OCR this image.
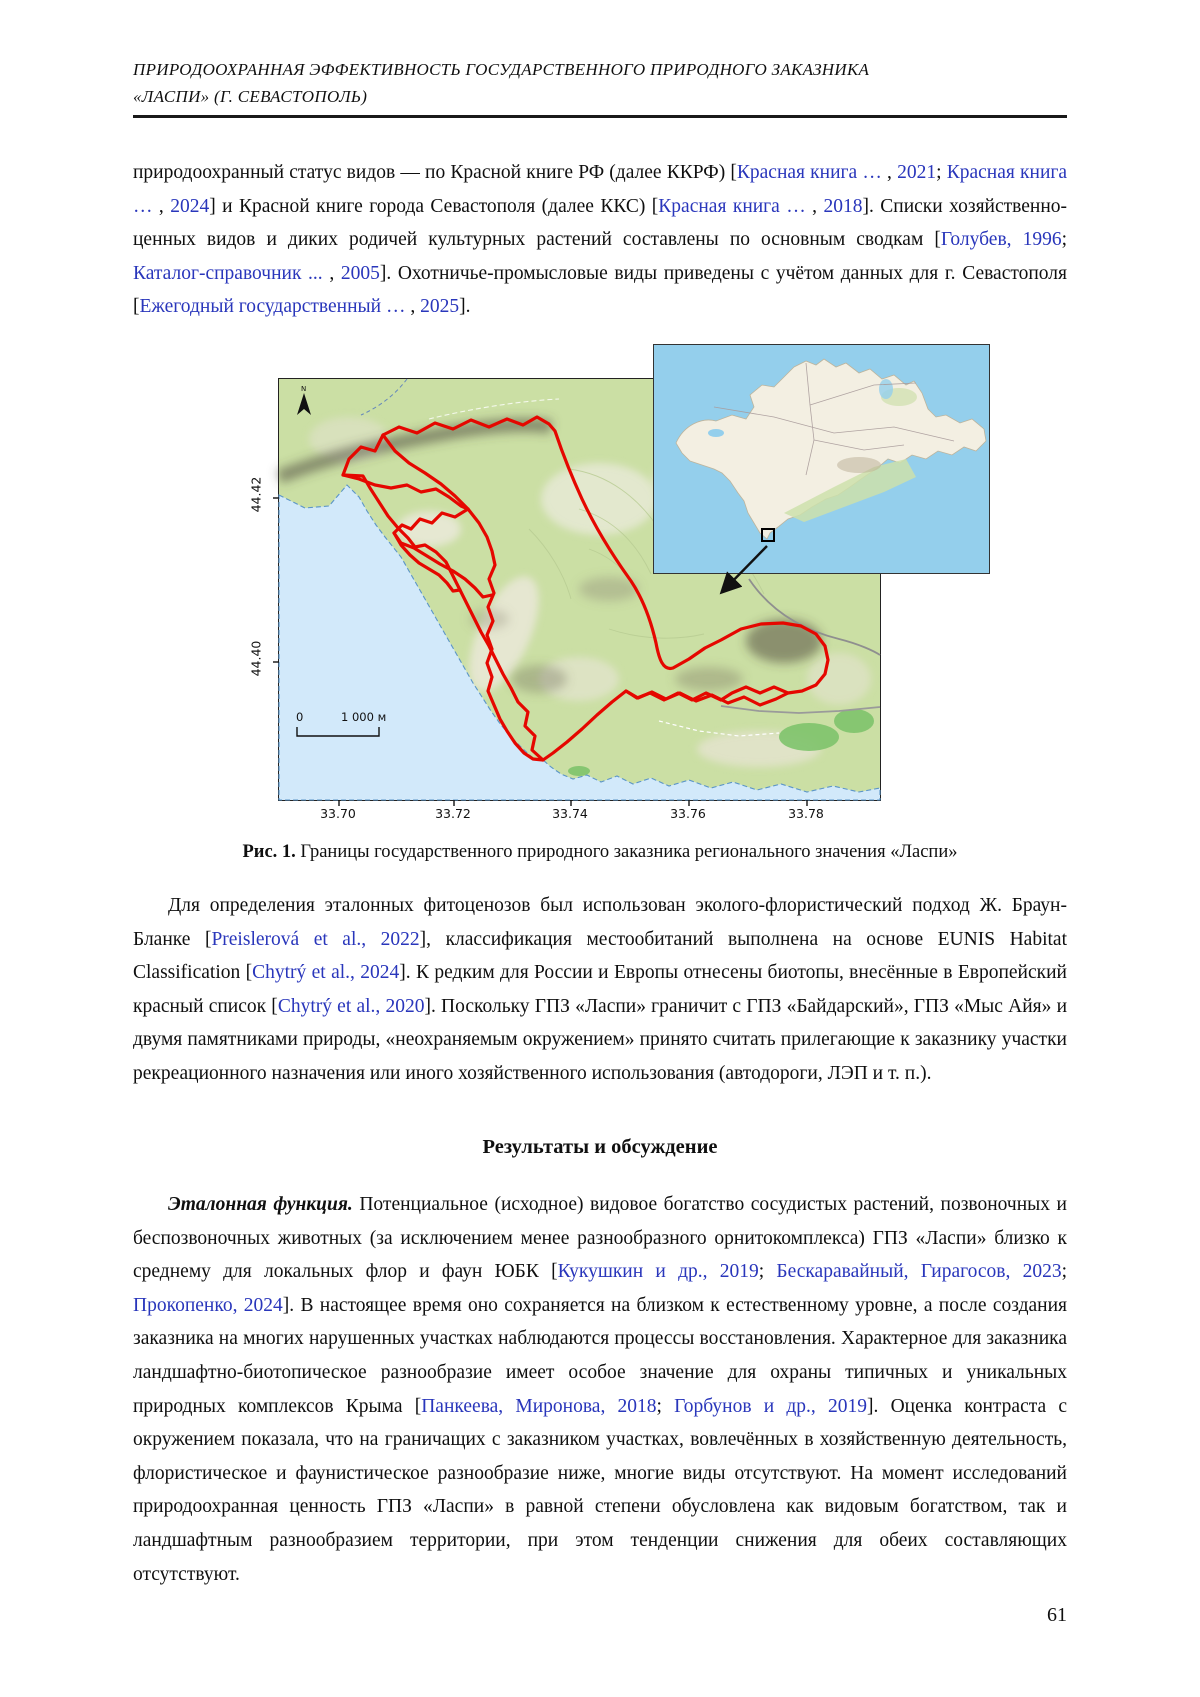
ПРИРОДООХРАННАЯ ЭФФЕКТИВНОСТЬ ГОСУДАРСТВЕННОГО ПРИРОДНОГО ЗАКАЗНИКА
«ЛАСПИ» (Г. СЕВАСТОПОЛЬ)
природоохранный статус видов — по Красной книге РФ (далее ККРФ) [Красная книга … , 2021; Красная книга … , 2024] и Красной книге города Севастополя (далее ККС) [Красная книга … , 2018]. Списки хозяйственно-ценных видов и диких родичей культурных растений составлены по основным сводкам [Голубев, 1996; Каталог-справочник ... , 2005]. Охотничье-промысловые виды приведены с учётом данных для г. Севастополя [Ежегодный государственный … , 2025].
N
0	1 000 м
44.42
44.40
33.70	33.72	33.74	33.76	33.78
Рис. 1. Границы государственного природного заказника регионального значения «Ласпи»
Для определения эталонных фитоценозов был использован эколого-флористический подход Ж. Браун-Бланке [Preislerová et al., 2022], классификация местообитаний выполнена на основе EUNIS Habitat Classification [Chytrý et al., 2024]. К редким для России и Европы отнесены биотопы, внесённые в Европейский красный список [Chytrý et al., 2020]. Поскольку ГПЗ «Ласпи» граничит с ГПЗ «Байдарский», ГПЗ «Мыс Айя» и двумя памятниками природы, «неохраняемым окружением» принято считать прилегающие к заказнику участки рекреационного назначения или иного хозяйственного использования (автодороги, ЛЭП и т. п.).
Результаты и обсуждение
Эталонная функция. Потенциальное (исходное) видовое богатство сосудистых растений, позвоночных и беспозвоночных животных (за исключением менее разнообразного орнитокомплекса) ГПЗ «Ласпи» близко к среднему для локальных флор и фаун ЮБК [Кукушкин и др., 2019; Бескаравайный, Гирагосов, 2023; Прокопенко, 2024]. В настоящее время оно сохраняется на близком к естественному уровне, а после создания заказника на многих нарушенных участках наблюдаются процессы восстановления. Характерное для заказника ландшафтно-биотопическое разнообразие имеет особое значение для охраны типичных и уникальных природных комплексов Крыма [Панкеева, Миронова, 2018; Горбунов и др., 2019]. Оценка контраста с окружением показала, что на граничащих с заказником участках, вовлечённых в хозяйственную деятельность, флористическое и фаунистическое разнообразие ниже, многие виды отсутствуют. На момент исследований природоохранная ценность ГПЗ «Ласпи» в равной степени обусловлена как видовым богатством, так и ландшафтным разнообразием территории, при этом тенденции снижения для обеих составляющих отсутствуют.
61
